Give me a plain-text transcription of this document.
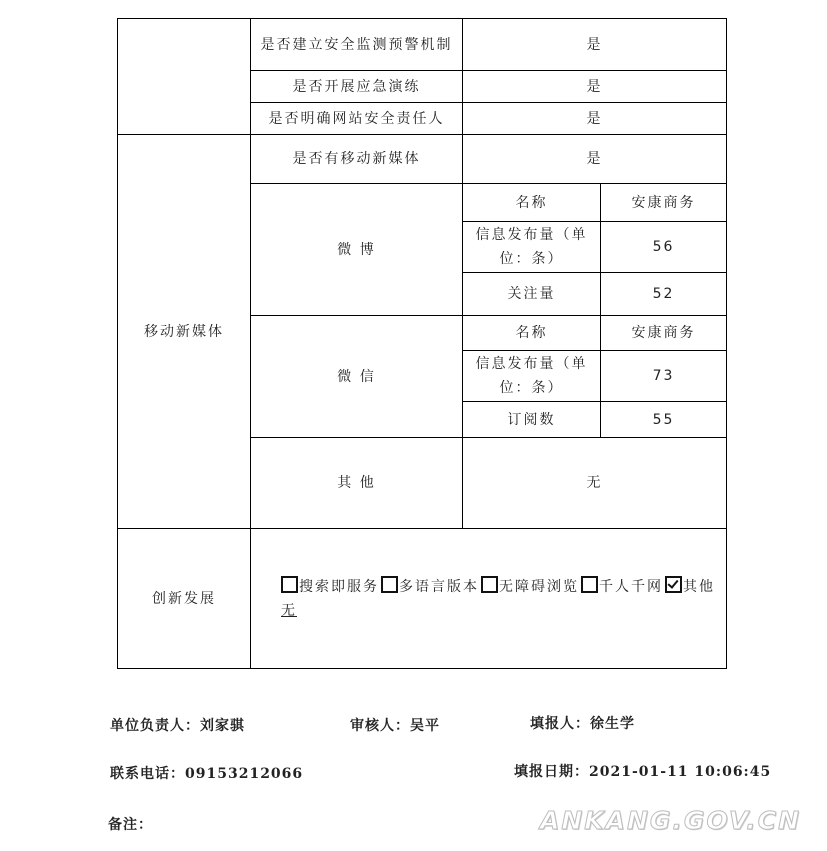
	是否建立安全监测预警机制	是	
	是否开展应急演练	是	
	是否明确网站安全责任人	是	
移动新媒体	是否有移动新媒体	是	
	微 博	名称	安康商务
		信息发布量（单位：条）	56
		关注量	52
	微 信	名称	安康商务
		信息发布量（单位：条）	73
		订阅数	55
	其 他	无	
创新发展	搜索即服务 多语言版本 无障碍浏览 千人千网 其他
无		
单位负责人：刘家骐	审核人：吴平	填报人：徐生学
联系电话：09153212066	填报日期：2021-01-11 10:06:45
备注：	ANKANG.GOV.CN
